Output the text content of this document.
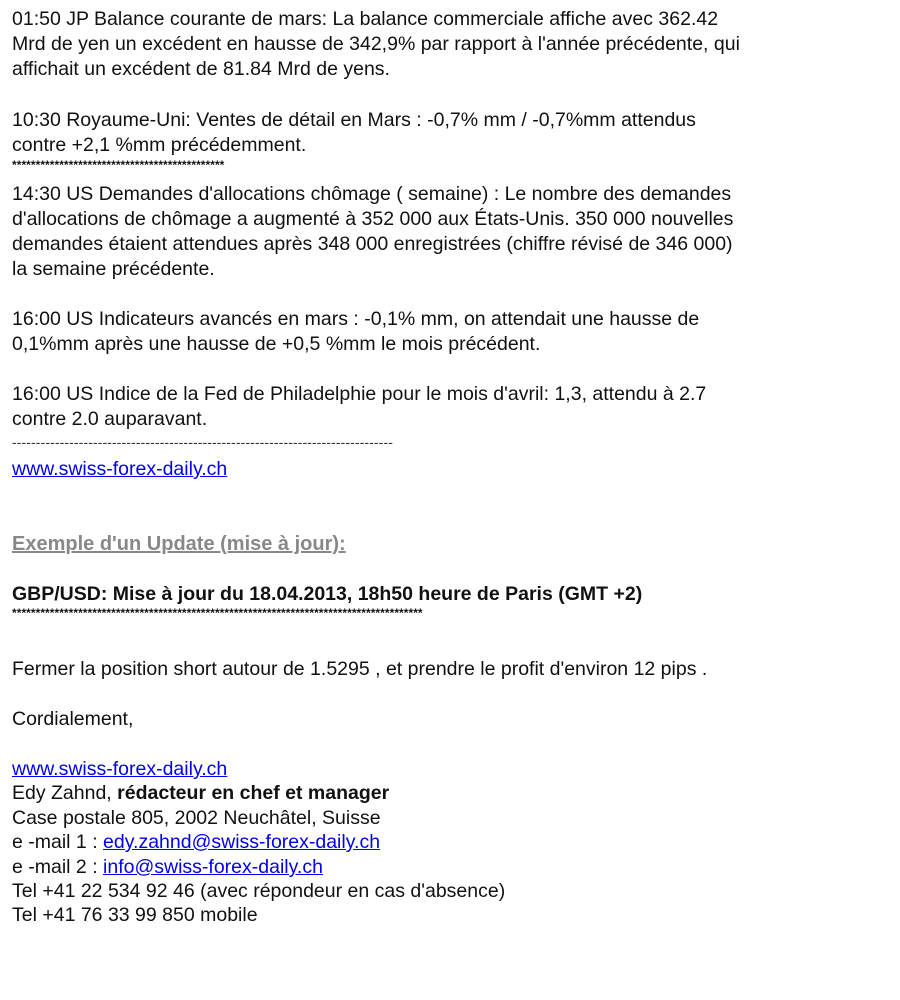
01:50 JP Balance courante de mars: La balance commerciale affiche avec 362.42
Mrd de yen un excédent en hausse de 342,9% par rapport à l'année précédente, qui
affichait un excédent de 81.84 Mrd de yens.
10:30 Royaume-Uni: Ventes de détail en Mars : -0,7% mm / -0,7%mm attendus
contre +2,1 %mm précédemment.
*********************************************
14:30 US Demandes d'allocations chômage ( semaine) : Le nombre des demandes
d'allocations de chômage a augmenté à 352 000 aux États-Unis. 350 000 nouvelles
demandes étaient attendues après 348 000 enregistrées (chiffre révisé de 346 000)
la semaine précédente.
16:00 US Indicateurs avancés en mars : -0,1% mm, on attendait une hausse de
0,1%mm après une hausse de +0,5 %mm le mois précédent.
16:00 US Indice de la Fed de Philadelphie pour le mois d'avril: 1,3, attendu à 2.7
contre 2.0 auparavant.
--------------------------------------------------------------------------------
www.swiss-forex-daily.ch
Exemple d'un Update (mise à jour):
GBP/USD: Mise à jour du 18.04.2013, 18h50 heure de Paris (GMT +2)
***************************************************************************************
Fermer la position short autour de 1.5295 , et prendre le profit d'environ 12 pips .
Cordialement,
www.swiss-forex-daily.ch
Edy Zahnd, rédacteur en chef et manager
Case postale 805, 2002 Neuchâtel, Suisse
e -mail 1 : edy.zahnd@swiss-forex-daily.ch
e -mail 2 : info@swiss-forex-daily.ch
Tel +41 22 534 92 46 (avec répondeur en cas d'absence)
Tel +41 76 33 99 850 mobile
